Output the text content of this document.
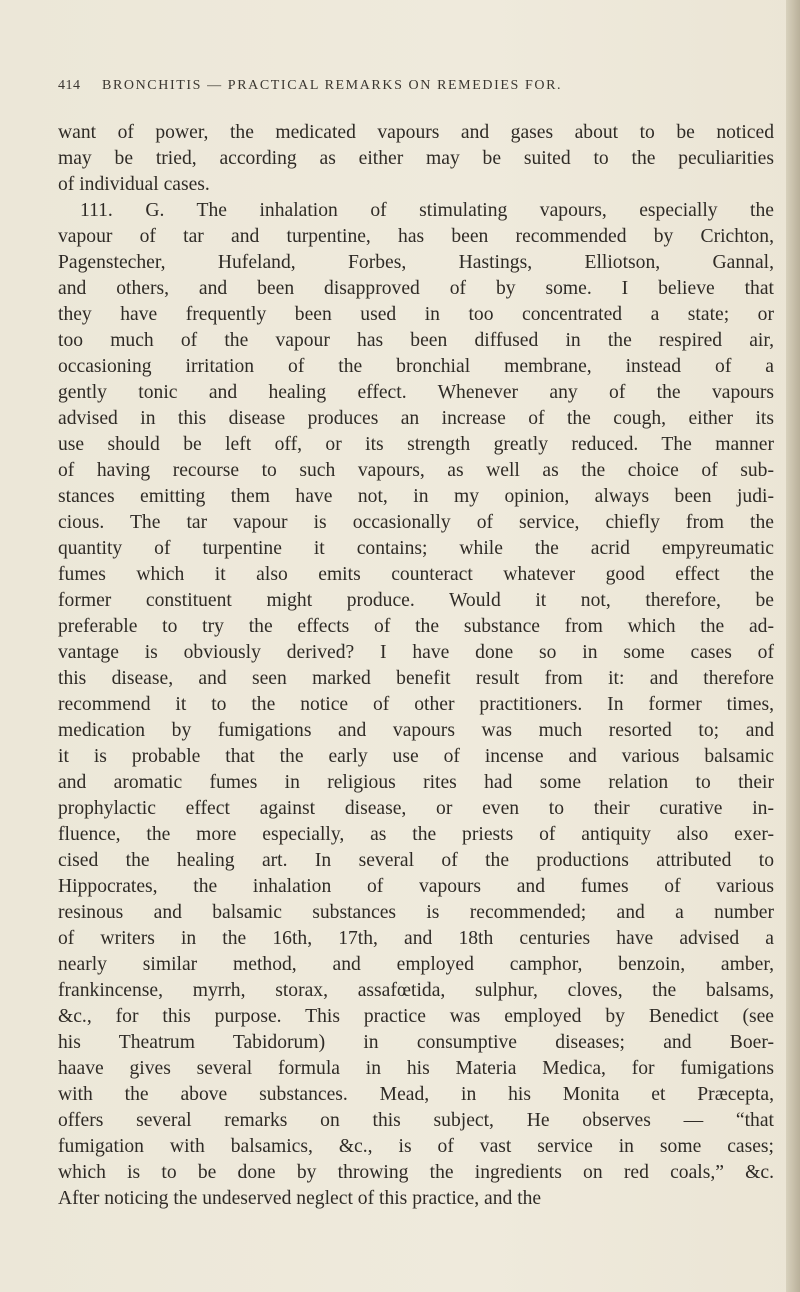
414 BRONCHITIS — PRACTICAL REMARKS ON REMEDIES FOR.
want of power, the medicated vapours and gases about to be noticed
may be tried, according as either may be suited to the peculiarities
of individual cases.
111. G. The inhalation of stimulating vapours, especially the
vapour of tar and turpentine, has been recommended by Crichton,
Pagenstecher, Hufeland, Forbes, Hastings, Elliotson, Gannal,
and others, and been disapproved of by some. I believe that
they have frequently been used in too concentrated a state; or
too much of the vapour has been diffused in the respired air,
occasioning irritation of the bronchial membrane, instead of a
gently tonic and healing effect. Whenever any of the vapours
advised in this disease produces an increase of the cough, either its
use should be left off, or its strength greatly reduced. The manner
of having recourse to such vapours, as well as the choice of sub-
stances emitting them have not, in my opinion, always been judi-
cious. The tar vapour is occasionally of service, chiefly from the
quantity of turpentine it contains; while the acrid empyreumatic
fumes which it also emits counteract whatever good effect the
former constituent might produce. Would it not, therefore, be
preferable to try the effects of the substance from which the ad-
vantage is obviously derived? I have done so in some cases of
this disease, and seen marked benefit result from it: and therefore
recommend it to the notice of other practitioners. In former times,
medication by fumigations and vapours was much resorted to; and
it is probable that the early use of incense and various balsamic
and aromatic fumes in religious rites had some relation to their
prophylactic effect against disease, or even to their curative in-
fluence, the more especially, as the priests of antiquity also exer-
cised the healing art. In several of the productions attributed to
Hippocrates, the inhalation of vapours and fumes of various
resinous and balsamic substances is recommended; and a number
of writers in the 16th, 17th, and 18th centuries have advised a
nearly similar method, and employed camphor, benzoin, amber,
frankincense, myrrh, storax, assafœtida, sulphur, cloves, the balsams,
&c., for this purpose. This practice was employed by Benedict (see
his Theatrum Tabidorum) in consumptive diseases; and Boer-
haave gives several formula in his Materia Medica, for fumigations
with the above substances. Mead, in his Monita et Præcepta,
offers several remarks on this subject, He observes — “that
fumigation with balsamics, &c., is of vast service in some cases;
which is to be done by throwing the ingredients on red coals,” &c.
After noticing the undeserved neglect of this practice, and the
